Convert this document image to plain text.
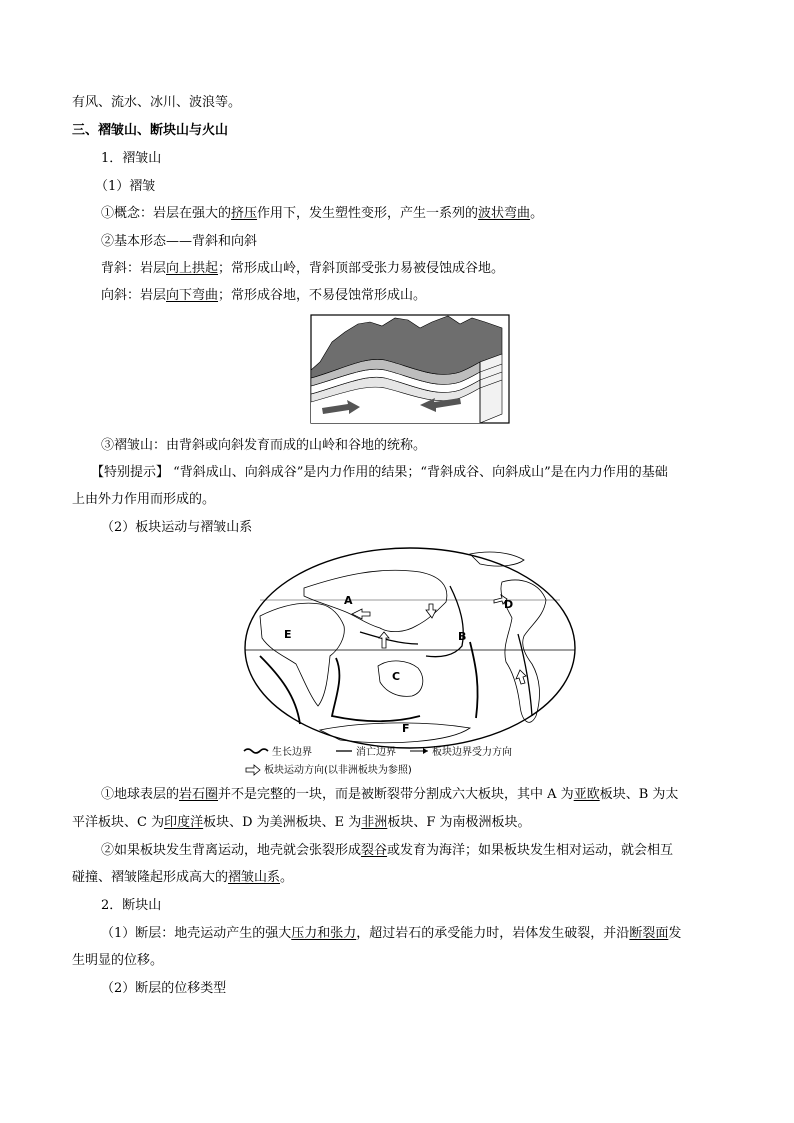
有风、流水、冰川、波浪等。
三、褶皱山、断块山与火山
1．褶皱山
（1）褶皱
①概念：岩层在强大的挤压作用下，发生塑性变形，产生一系列的波状弯曲。
②基本形态——背斜和向斜
背斜：岩层向上拱起；常形成山岭，背斜顶部受张力易被侵蚀成谷地。
向斜：岩层向下弯曲；常形成谷地，不易侵蚀常形成山。
③褶皱山：由背斜或向斜发育而成的山岭和谷地的统称。
【特别提示】 “背斜成山、向斜成谷”是内力作用的结果；“背斜成谷、向斜成山”是在内力作用的基础
上由外力作用而形成的。
（2）板块运动与褶皱山系
A
B
C
D
E
F
生长边界	消亡边界	板块边界受力方向
板块运动方向(以非洲板块为参照)
①地球表层的岩石圈并不是完整的一块，而是被断裂带分割成六大板块，其中 A 为亚欧板块、B 为太
平洋板块、C 为印度洋板块、D 为美洲板块、E 为非洲板块、F 为南极洲板块。
②如果板块发生背离运动，地壳就会张裂形成裂谷或发育为海洋；如果板块发生相对运动，就会相互
碰撞、褶皱隆起形成高大的褶皱山系。
2．断块山
（1）断层：地壳运动产生的强大压力和张力，超过岩石的承受能力时，岩体发生破裂，并沿断裂面发
生明显的位移。
（2）断层的位移类型
